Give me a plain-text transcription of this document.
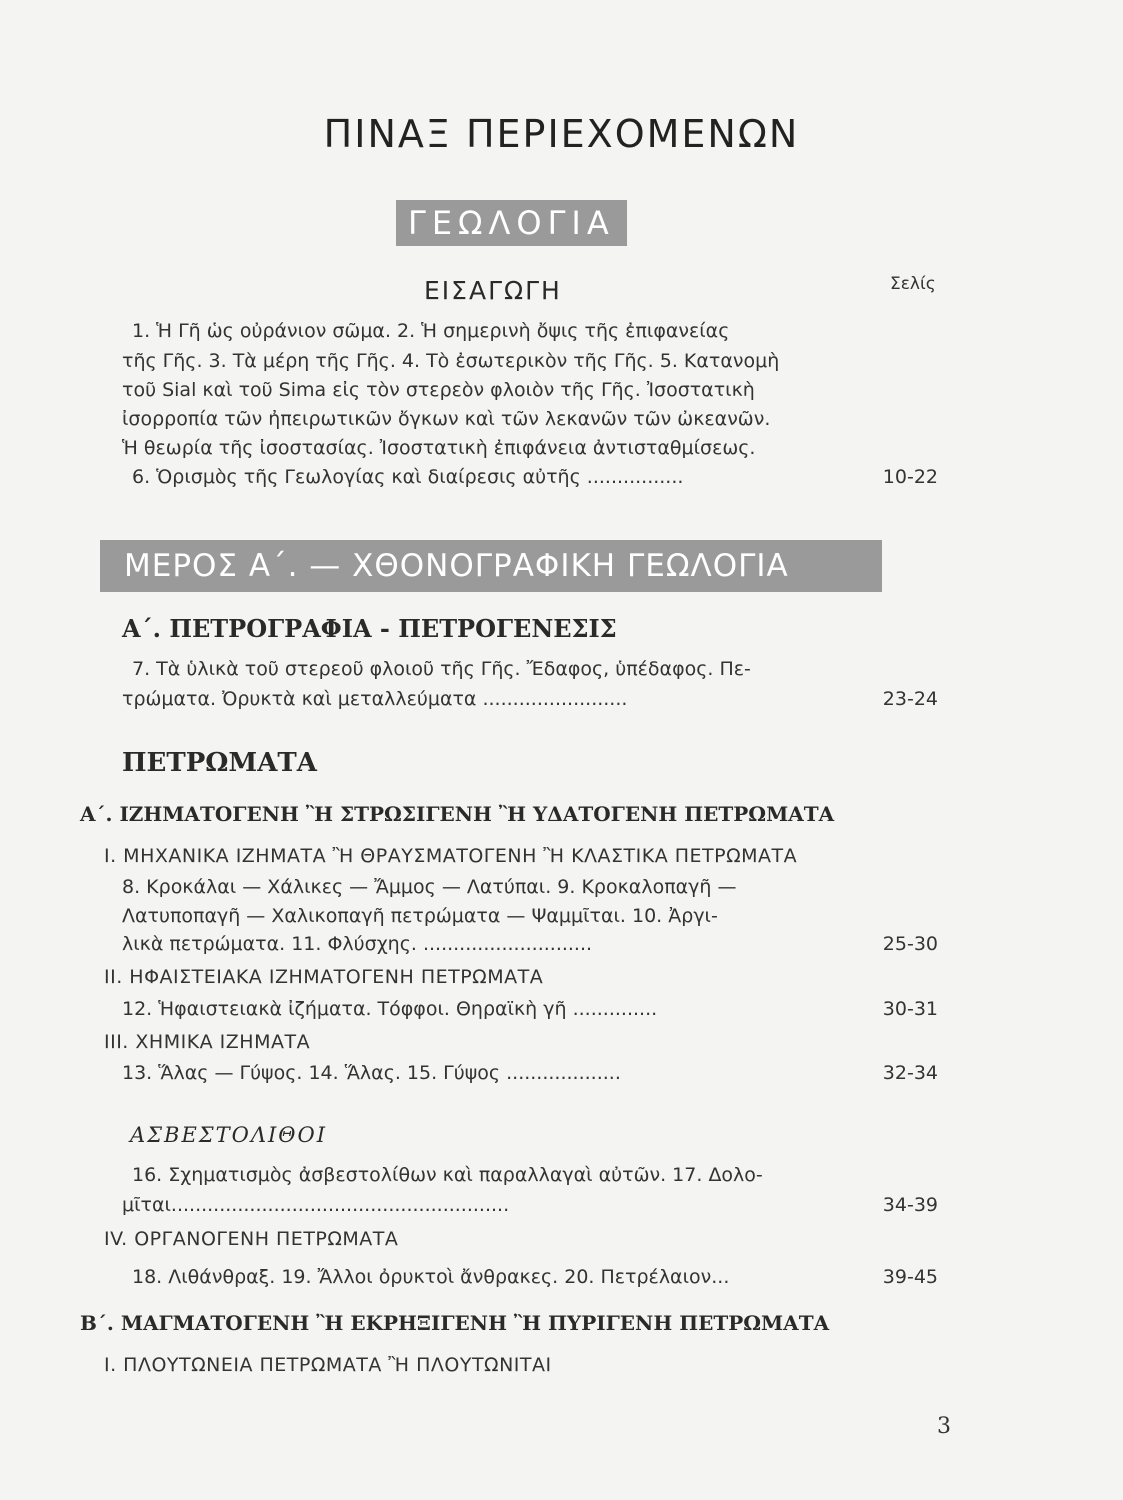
ΠΙΝΑΞ ΠΕΡΙΕΧΟΜΕΝΩΝ
ΓΕΩΛΟΓΙΑ
ΕΙΣΑΓΩΓΗ	Σελίς
1. Ἡ Γῆ ὡς οὐράνιον σῶμα. 2. Ἡ σημερινὴ ὄψις τῆς ἐπιφανείας
τῆς Γῆς. 3. Τὰ μέρη τῆς Γῆς. 4. Τὸ ἐσωτερικὸν τῆς Γῆς. 5. Κατανομὴ
τοῦ Sial καὶ τοῦ Sima εἰς τὸν στερεὸν φλοιὸν τῆς Γῆς. Ἰσοστατικὴ
ἰσορροπία τῶν ἠπειρωτικῶν ὄγκων καὶ τῶν λεκανῶν τῶν ὠκεανῶν.
Ἡ θεωρία τῆς ἰσοστασίας. Ἰσοστατικὴ ἐπιφάνεια ἀντισταθμίσεως.
6. Ὁρισμὸς τῆς Γεωλογίας καὶ διαίρεσις αὐτῆς ................	10-22
ΜΕΡΟΣ Α΄. — ΧΘΟΝΟΓΡΑΦΙΚΗ ΓΕΩΛΟΓΙΑ
Α΄. ΠΕΤΡΟΓΡΑΦΙΑ - ΠΕΤΡΟΓΕΝΕΣΙΣ
7. Τὰ ὑλικὰ τοῦ στερεοῦ φλοιοῦ τῆς Γῆς. Ἔδαφος, ὑπέδαφος. Πε-
τρώματα. Ὀρυκτὰ καὶ μεταλλεύματα ........................	23-24
ΠΕΤΡΩΜΑΤΑ
Α΄. ΙΖΗΜΑΤΟΓΕΝΗ Ἢ ΣΤΡΩΣΙΓΕΝΗ Ἢ ΥΔΑΤΟΓΕΝΗ ΠΕΤΡΩΜΑΤΑ
Ι. ΜΗΧΑΝΙΚΑ ΙΖΗΜΑΤΑ Ἢ ΘΡΑΥΣΜΑΤΟΓΕΝΗ Ἢ ΚΛΑΣΤΙΚΑ ΠΕΤΡΩΜΑΤΑ
8. Κροκάλαι — Χάλικες — Ἄμμος — Λατύπαι. 9. Κροκαλοπαγῆ —
Λατυποπαγῆ — Χαλικοπαγῆ πετρώματα — Ψαμμῖται. 10. Ἀργι-
λικὰ πετρώματα. 11. Φλύσχης. ............................	25-30
ΙΙ. ΗΦΑΙΣΤΕΙΑΚΑ ΙΖΗΜΑΤΟΓΕΝΗ ΠΕΤΡΩΜΑΤΑ
12. Ἡφαιστειακὰ ἰζήματα. Τόφφοι. Θηραϊκὴ γῆ ..............	30-31
ΙΙΙ. ΧΗΜΙΚΑ ΙΖΗΜΑΤΑ
13. Ἅλας — Γύψος. 14. Ἅλας. 15. Γύψος ...................	32-34
ΑΣΒΕΣΤΟΛΙΘΟΙ
16. Σχηματισμὸς ἀσβεστολίθων καὶ παραλλαγαὶ αὐτῶν. 17. Δολο-
μῖται........................................................	34-39
IV. ΟΡΓΑΝΟΓΕΝΗ ΠΕΤΡΩΜΑΤΑ
18. Λιθάνθραξ. 19. Ἄλλοι ὀρυκτοὶ ἄνθρακες. 20. Πετρέλαιον...	39-45
Β΄. ΜΑΓΜΑΤΟΓΕΝΗ Ἢ ΕΚΡΗΞΙΓΕΝΗ Ἢ ΠΥΡΙΓΕΝΗ ΠΕΤΡΩΜΑΤΑ
Ι. ΠΛΟΥΤΩΝΕΙΑ ΠΕΤΡΩΜΑΤΑ Ἢ ΠΛΟΥΤΩΝΙΤΑΙ
3
